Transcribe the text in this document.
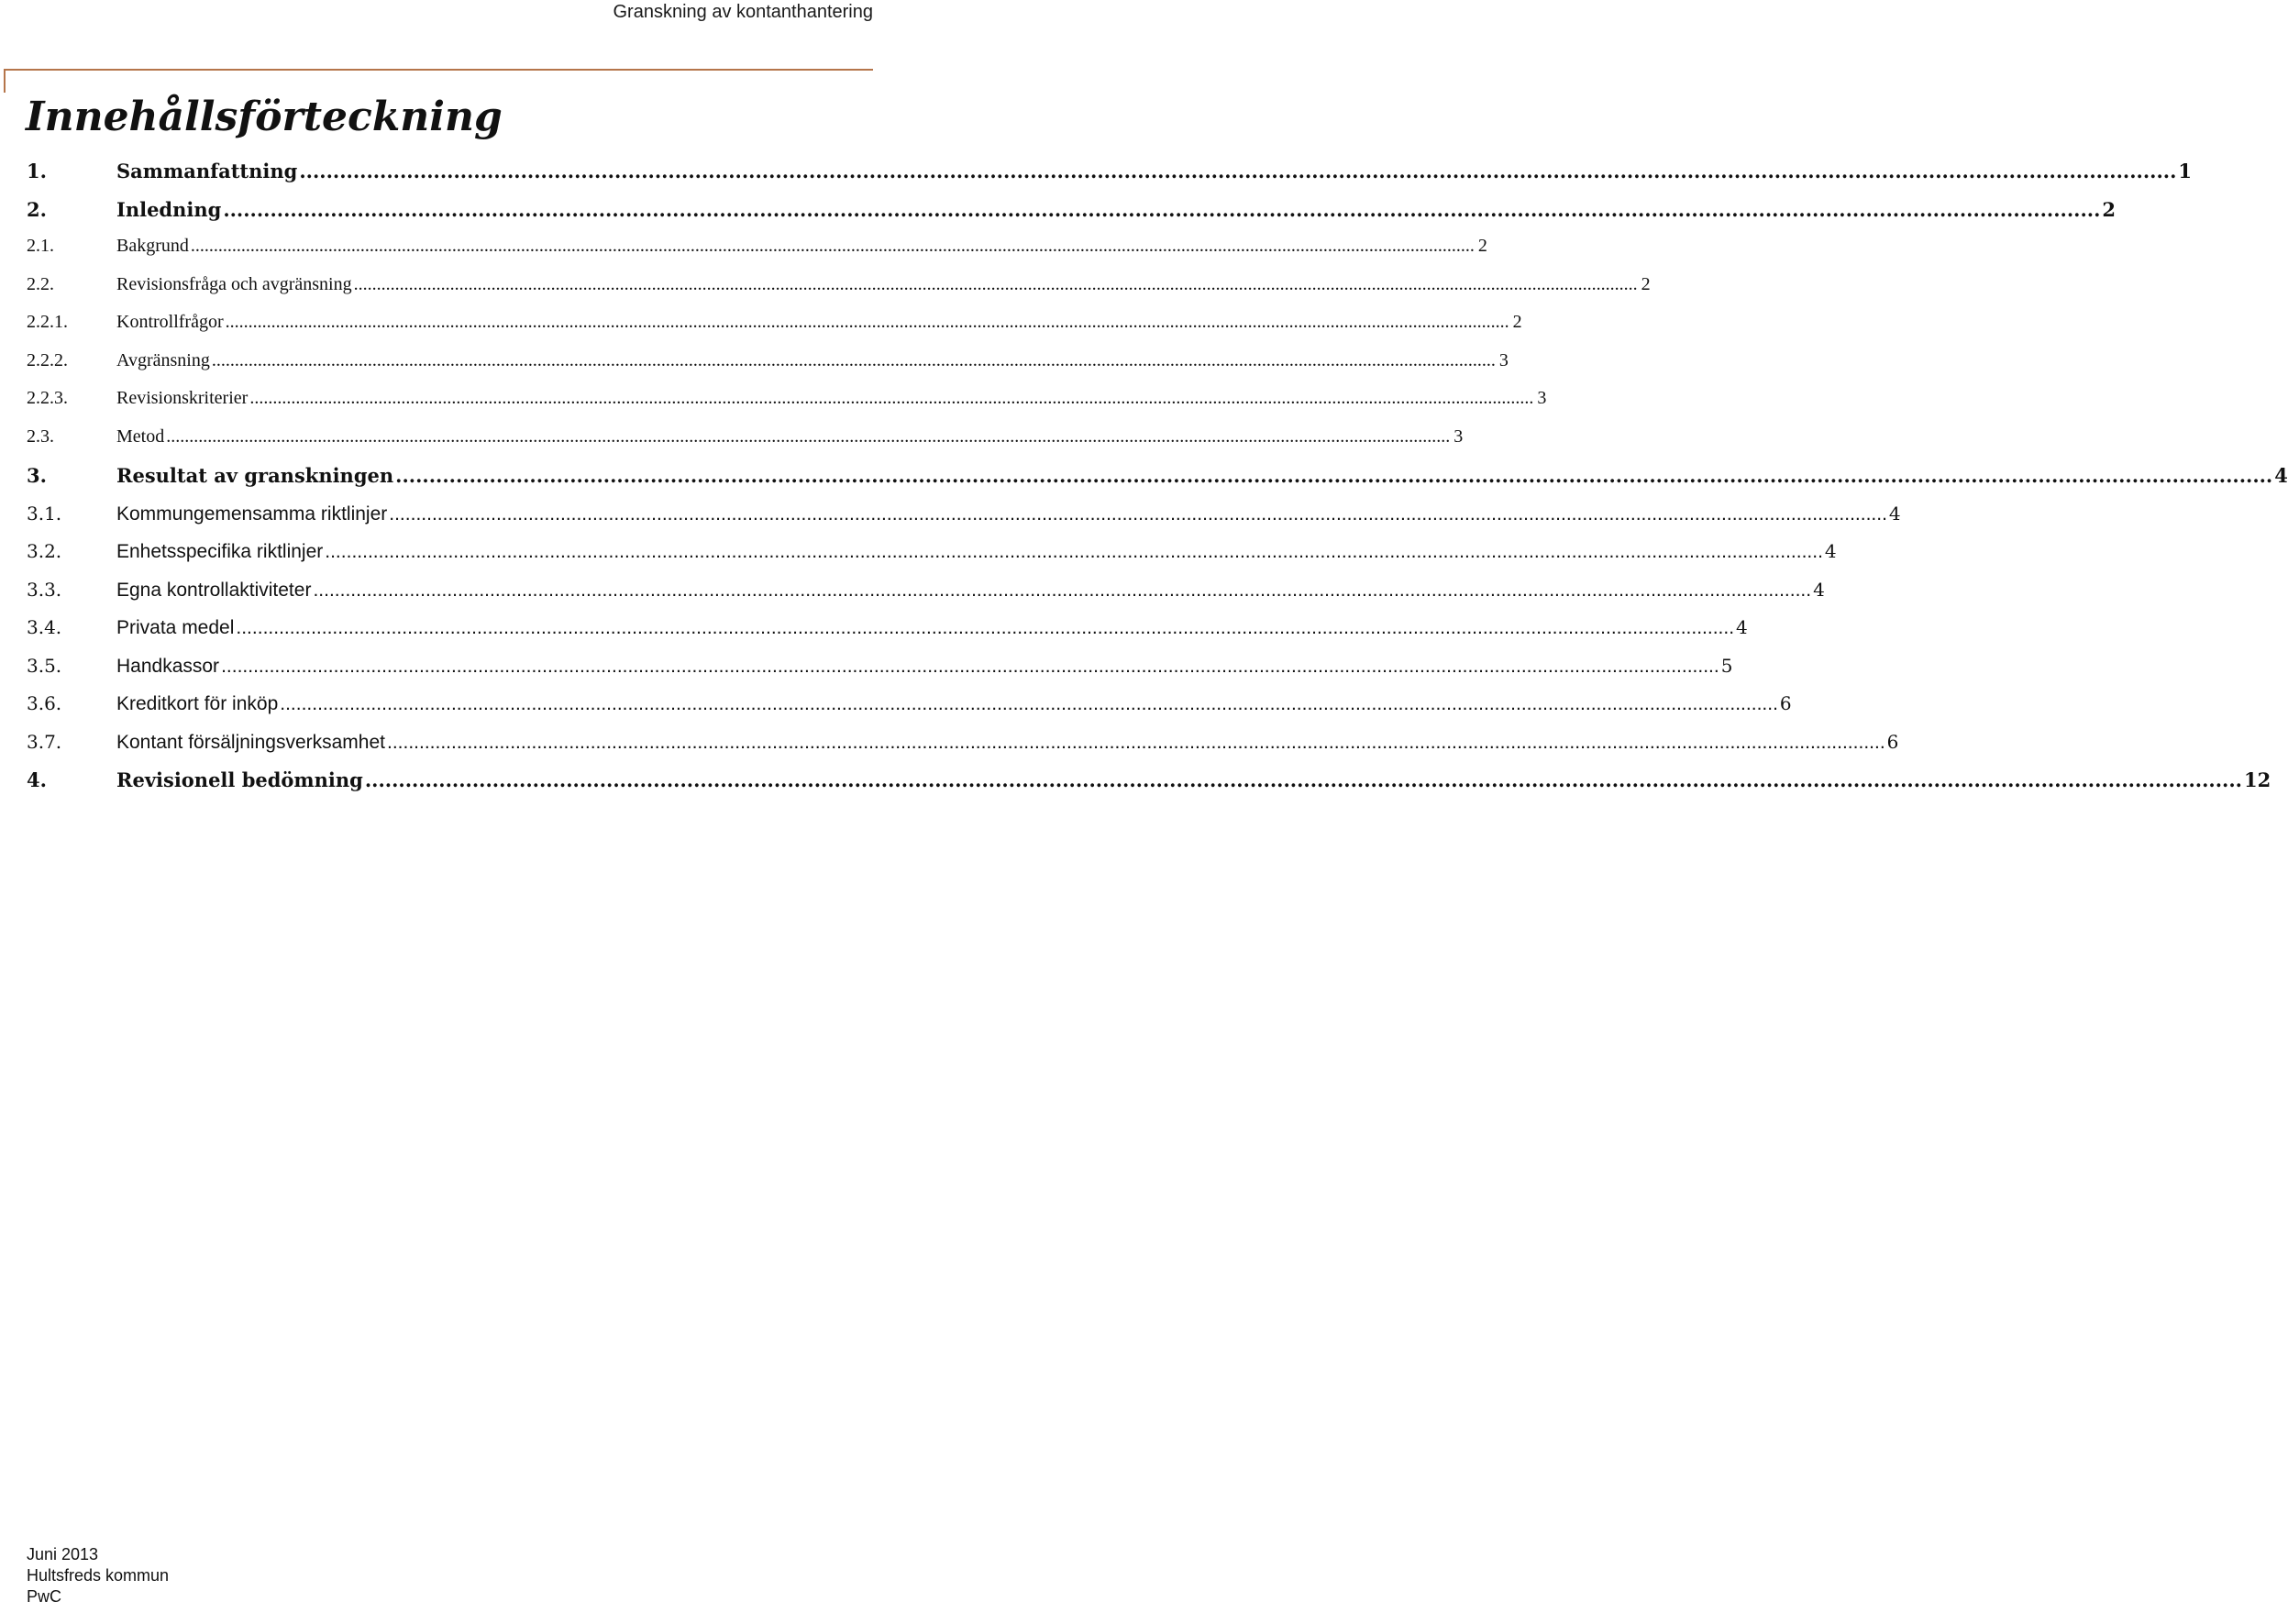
Granskning av kontanthantering
Innehållsförteckning
1.	Sammanfattning .....	1
2.	Inledning .....	2
2.1.	Bakgrund .....	2
2.2.	Revisionsfråga och avgränsning .....	2
2.2.1.	Kontrollfrågor .....	2
2.2.2.	Avgränsning .....	3
2.2.3.	Revisionskriterier .....	3
2.3.	Metod .....	3
3.	Resultat av granskningen .....	4
3.1.	Kommungemensamma riktlinjer .....	4
3.2.	Enhetsspecifika riktlinjer .....	4
3.3.	Egna kontrollaktiviteter .....	4
3.4.	Privata medel .....	4
3.5.	Handkassor .....	5
3.6.	Kreditkort för inköp .....	6
3.7.	Kontant försäljningsverksamhet .....	6
4.	Revisionell bedömning .....	12
Juni 2013
Hultsfreds kommun
PwC
